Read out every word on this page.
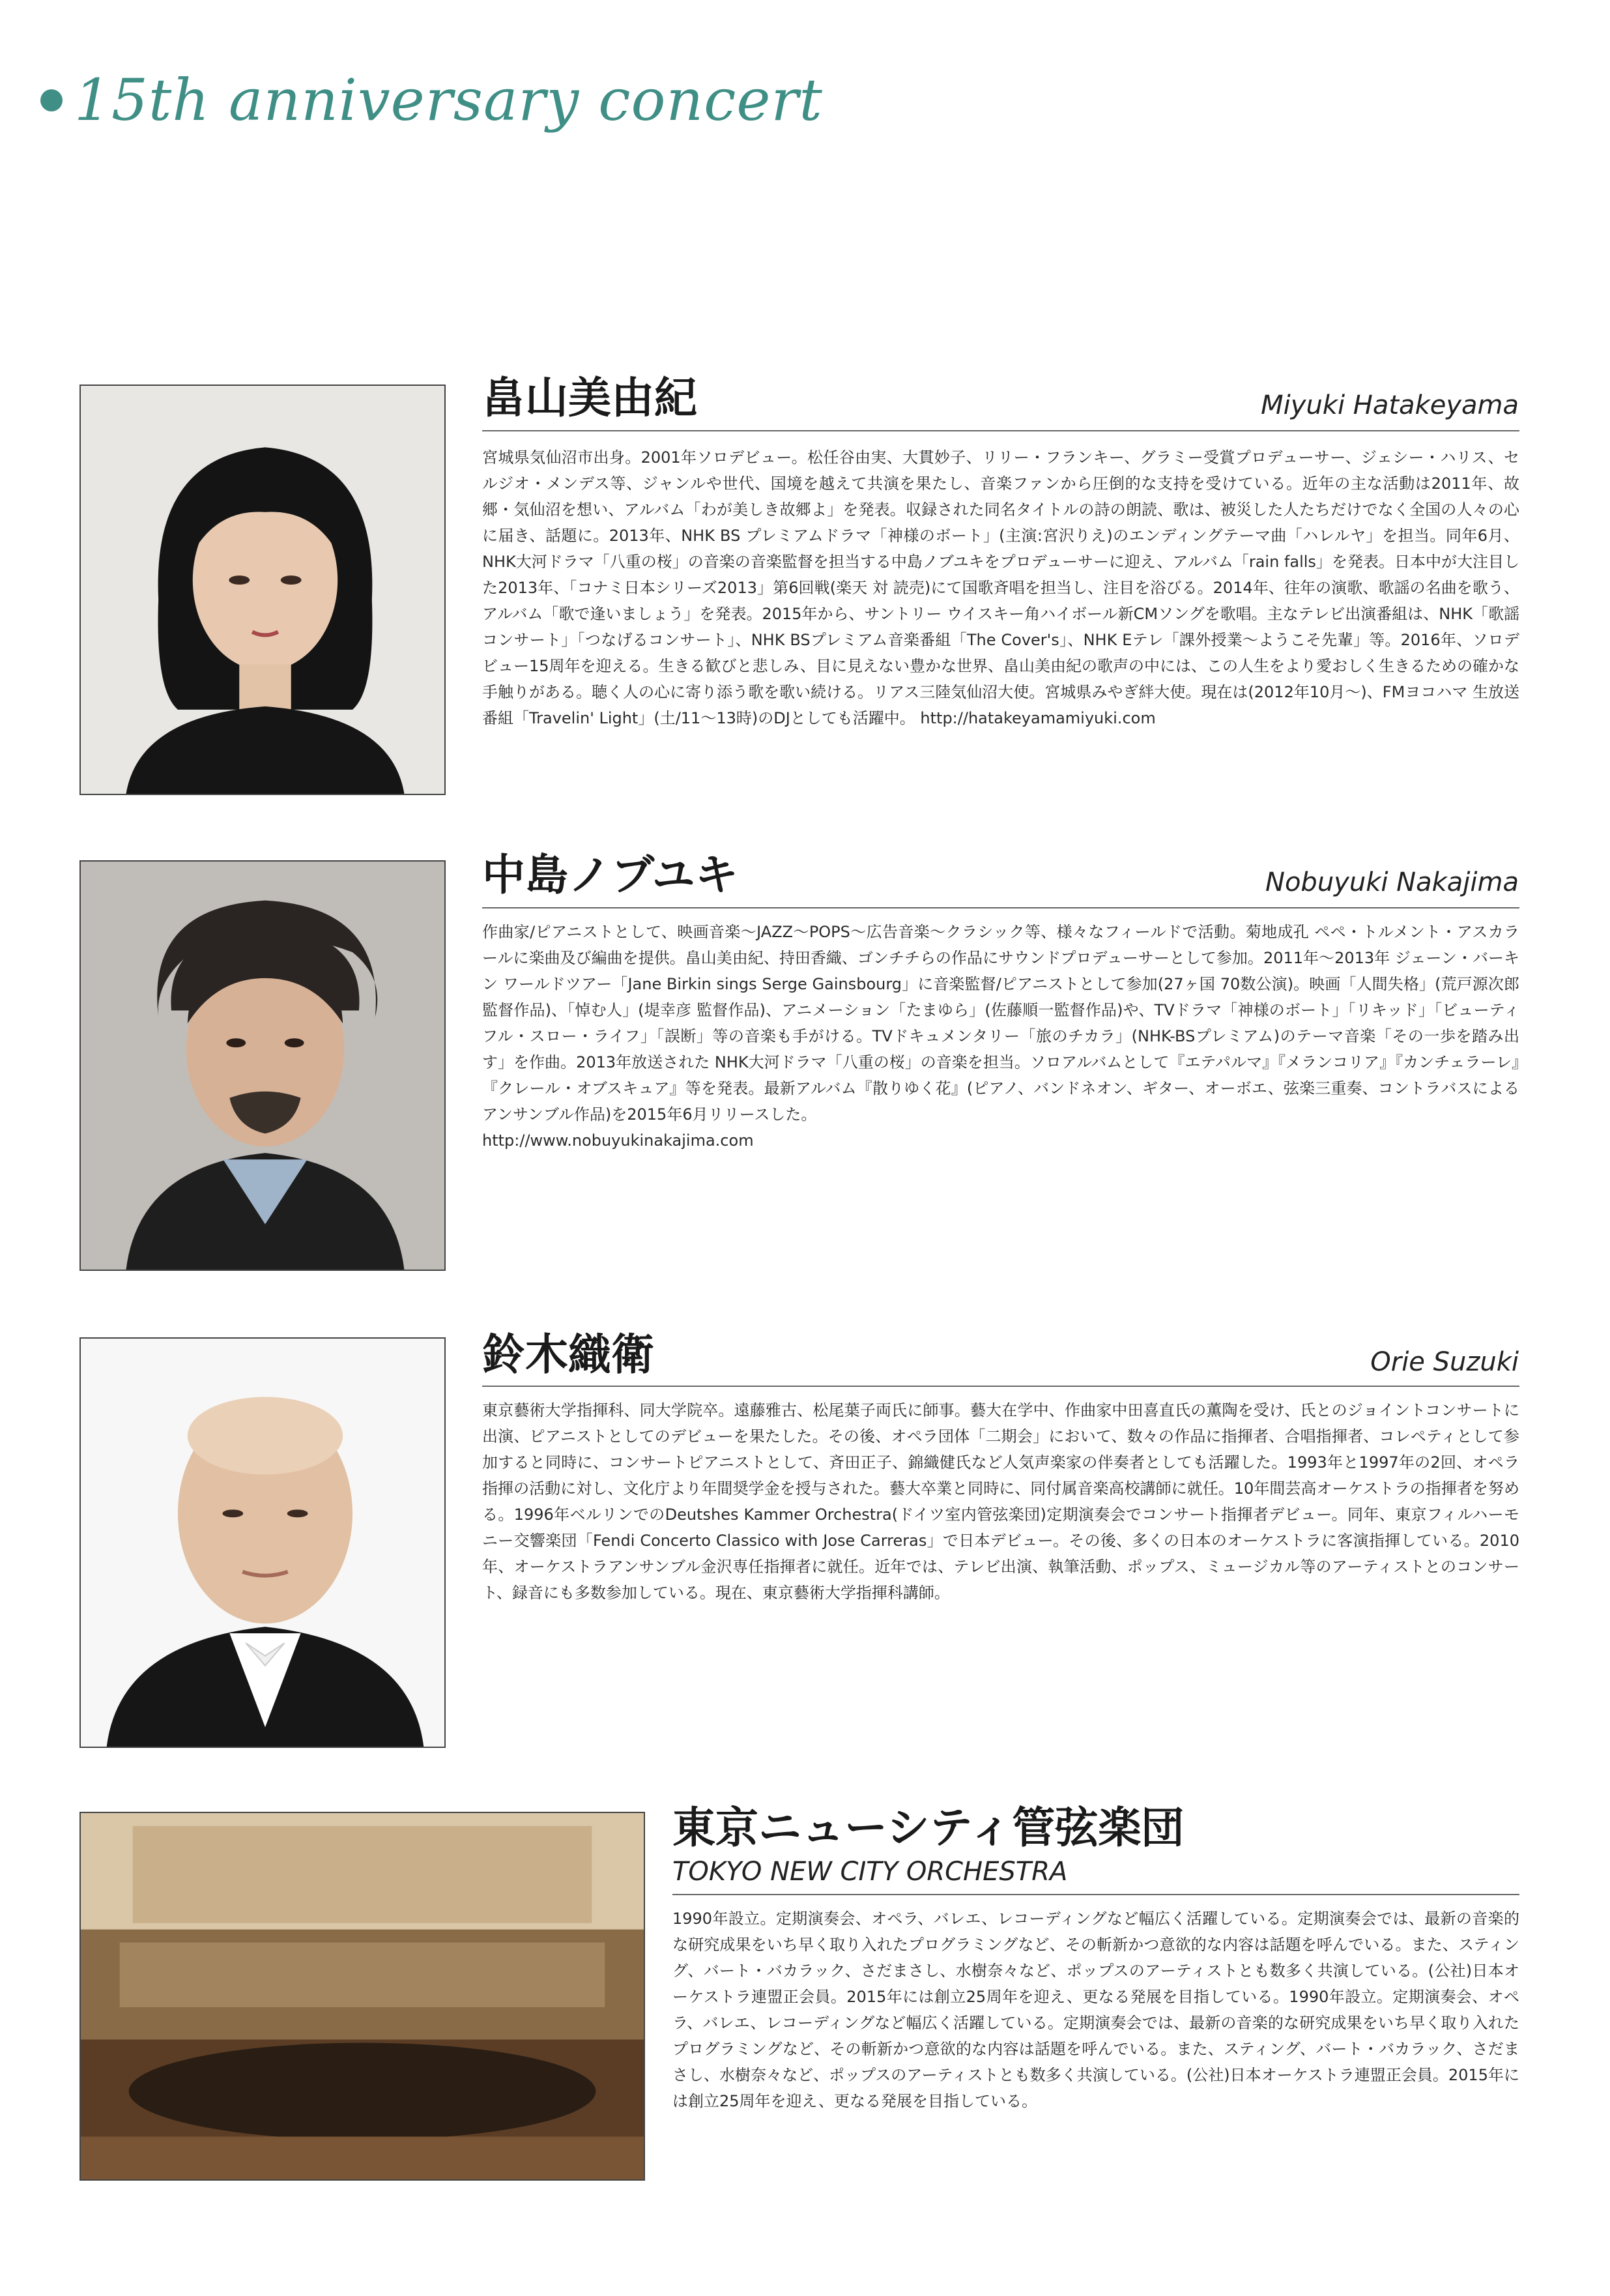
15th anniversary concert
畠山美由紀	Miyuki Hatakeyama

宮城県気仙沼市出身。2001年ソロデビュー。松任谷由実、大貫妙子、リリー・フランキー、グラミー受賞プロデューサー、ジェシー・ハリス、セルジオ・メンデス等、ジャンルや世代、国境を越えて共演を果たし、音楽ファンから圧倒的な支持を受けている。近年の主な活動は2011年、故郷・気仙沼を想い、アルバム「わが美しき故郷よ」を発表。収録された同名タイトルの詩の朗読、歌は、被災した人たちだけでなく全国の人々の心に届き、話題に。2013年、NHK BS プレミアムドラマ「神様のボート」(主演:宮沢りえ)のエンディングテーマ曲「ハレルヤ」を担当。同年6月、NHK大河ドラマ「八重の桜」の音楽の音楽監督を担当する中島ノブユキをプロデューサーに迎え、アルバム「rain falls」を発表。日本中が大注目した2013年、「コナミ日本シリーズ2013」第6回戦(楽天 対 読売)にて国歌斉唱を担当し、注目を浴びる。2014年、往年の演歌、歌謡の名曲を歌う、アルバム「歌で逢いましょう」を発表。2015年から、サントリー ウイスキー角ハイボール新CMソングを歌唱。主なテレビ出演番組は、NHK「歌謡コンサート」「つなげるコンサート」、NHK BSプレミアム音楽番組「The Cover's」、NHK Eテレ「課外授業〜ようこそ先輩」等。2016年、ソロデビュー15周年を迎える。生きる歓びと悲しみ、目に見えない豊かな世界、畠山美由紀の歌声の中には、この人生をより愛おしく生きるための確かな手触りがある。聴く人の心に寄り添う歌を歌い続ける。リアス三陸気仙沼大使。宮城県みやぎ絆大使。現在は(2012年10月〜)、FMヨコハマ 生放送番組「Travelin' Light」(土/11〜13時)のDJとしても活躍中。 http://hatakeyamamiyuki.com

中島ノブユキ	Nobuyuki Nakajima

作曲家/ピアニストとして、映画音楽〜JAZZ〜POPS〜広告音楽〜クラシック等、様々なフィールドで活動。菊地成孔 ペペ・トルメント・アスカラールに楽曲及び編曲を提供。畠山美由紀、持田香織、ゴンチチらの作品にサウンドプロデューサーとして参加。2011年〜2013年 ジェーン・バーキン ワールドツアー「Jane Birkin sings Serge Gainsbourg」に音楽監督/ピアニストとして参加(27ヶ国 70数公演)。映画「人間失格」(荒戸源次郎 監督作品)、「悼む人」(堤幸彦 監督作品)、アニメーション「たまゆら」(佐藤順一監督作品)や、TVドラマ「神様のボート」「リキッド」「ビューティフル・スロー・ライフ」「誤断」等の音楽も手がける。TVドキュメンタリー「旅のチカラ」(NHK-BSプレミアム)のテーマ音楽「その一歩を踏み出す」を作曲。2013年放送された NHK大河ドラマ「八重の桜」の音楽を担当。ソロアルバムとして『エテパルマ』『メランコリア』『カンチェラーレ』『クレール・オブスキュア』等を発表。最新アルバム『散りゆく花』(ピアノ、バンドネオン、ギター、オーボエ、弦楽三重奏、コントラバスによるアンサンブル作品)を2015年6月リリースした。
http://www.nobuyukinakajima.com

鈴木織衛	Orie Suzuki

東京藝術大学指揮科、同大学院卒。遠藤雅古、松尾葉子両氏に師事。藝大在学中、作曲家中田喜直氏の薫陶を受け、氏とのジョイントコンサートに出演、ピアニストとしてのデビューを果たした。その後、オペラ団体「二期会」において、数々の作品に指揮者、合唱指揮者、コレペティとして参加すると同時に、コンサートピアニストとして、斉田正子、錦織健氏など人気声楽家の伴奏者としても活躍した。1993年と1997年の2回、オペラ指揮の活動に対し、文化庁より年間奨学金を授与された。藝大卒業と同時に、同付属音楽高校講師に就任。10年間芸高オーケストラの指揮者を努める。1996年ベルリンでのDeutshes Kammer Orchestra(ドイツ室内管弦楽団)定期演奏会でコンサート指揮者デビュー。同年、東京フィルハーモニー交響楽団「Fendi Concerto Classico with Jose Carreras」で日本デビュー。その後、多くの日本のオーケストラに客演指揮している。2010年、オーケストラアンサンブル金沢専任指揮者に就任。近年では、テレビ出演、執筆活動、ポップス、ミュージカル等のアーティストとのコンサート、録音にも多数参加している。現在、東京藝術大学指揮科講師。

東京ニューシティ管弦楽団
TOKYO NEW CITY ORCHESTRA

1990年設立。定期演奏会、オペラ、バレエ、レコーディングなど幅広く活躍している。定期演奏会では、最新の音楽的な研究成果をいち早く取り入れたプログラミングなど、その斬新かつ意欲的な内容は話題を呼んでいる。また、スティング、バート・バカラック、さだまさし、水樹奈々など、ポップスのアーティストとも数多く共演している。(公社)日本オーケストラ連盟正会員。2015年には創立25周年を迎え、更なる発展を目指している。1990年設立。定期演奏会、オペラ、バレエ、レコーディングなど幅広く活躍している。定期演奏会では、最新の音楽的な研究成果をいち早く取り入れたプログラミングなど、その斬新かつ意欲的な内容は話題を呼んでいる。また、スティング、バート・バカラック、さだまさし、水樹奈々など、ポップスのアーティストとも数多く共演している。(公社)日本オーケストラ連盟正会員。2015年には創立25周年を迎え、更なる発展を目指している。
